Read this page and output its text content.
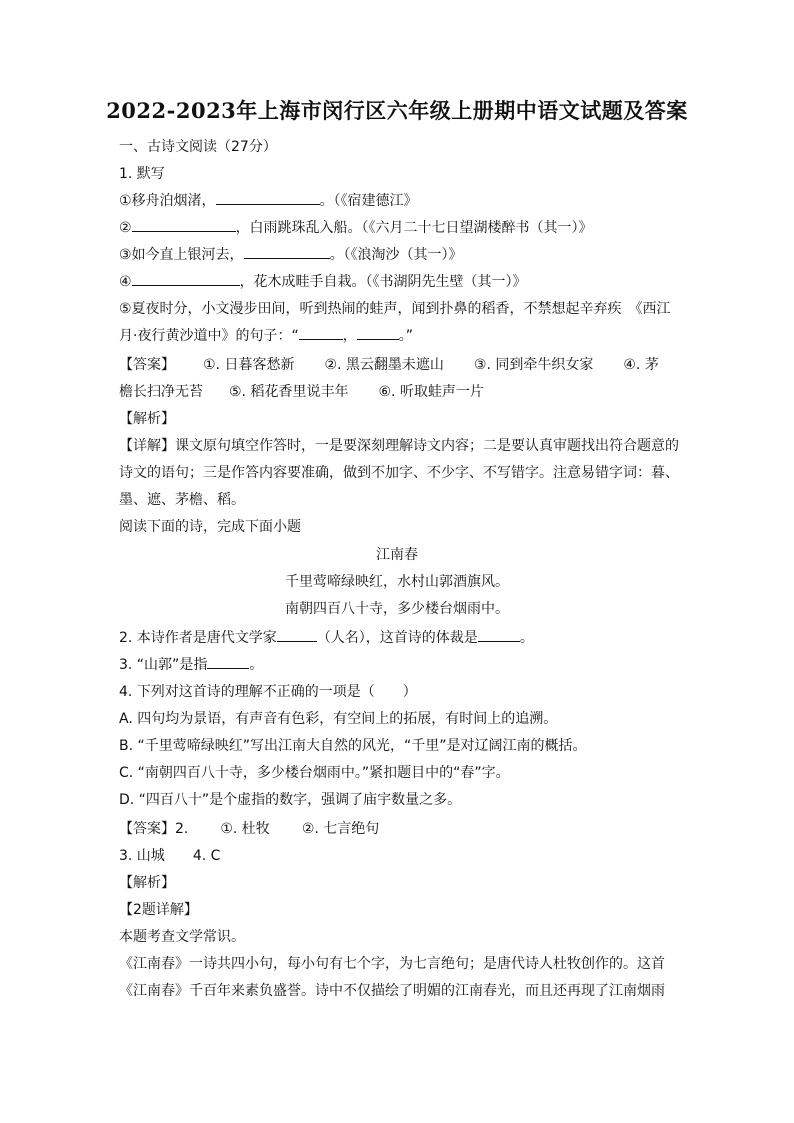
2022-2023年上海市闵行区六年级上册期中语文试题及答案
一、古诗文阅读（27分）
1. 默写
①移舟泊烟渚，	。（《宿建德江》
②	，白雨跳珠乱入船。（《六月二十七日望湖楼醉书（其一）》
③如今直上银河去，	。（《浪淘沙（其一）》
④	，花木成畦手自栽。（《书湖阴先生壁（其一）》
⑤夏夜时分，小文漫步田间，听到热闹的蛙声，闻到扑鼻的稻香，不禁想起辛弃疾　《西江
月·夜行黄沙道中》的句子：“	，	。”
【答案】 ①. 日暮客愁新 ②. 黑云翻墨未遮山 ③. 同到牵牛织女家 ④. 茅
檐长扫净无苔 ⑤. 稻花香里说丰年 ⑥. 听取蛙声一片
【解析】
【详解】课文原句填空作答时，一是要深刻理解诗文内容；二是要认真审题找出符合题意的
诗文的语句；三是作答内容要准确，做到不加字、不少字、不写错字。注意易错字词：暮、
墨、遮、茅檐、稻。
阅读下面的诗，完成下面小题
江南春
千里莺啼绿映红，水村山郭酒旗风。
南朝四百八十寺，多少楼台烟雨中。
2. 本诗作者是唐代文学家	（人名），这首诗的体裁是	。
3. “山郭”是指	。
4. 下列对这首诗的理解不正确的一项是（　　）
A. 四句均为景语，有声音有色彩，有空间上的拓展，有时间上的追溯。
B. “千里莺啼绿映红”写出江南大自然的风光，“千里”是对辽阔江南的概括。
C. “南朝四百八十寺，多少楼台烟雨中。”紧扣题目中的“春”字。
D. “四百八十”是个虚指的数字，强调了庙宇数量之多。
【答案】2. ①. 杜牧 ②. 七言绝句
3. 山城 4. C
【解析】
【2题详解】
本题考查文学常识。
《江南春》一诗共四小句，每小句有七个字，为七言绝句；是唐代诗人杜牧创作的。这首
《江南春》千百年来素负盛誉。诗中不仅描绘了明媚的江南春光，而且还再现了江南烟雨
